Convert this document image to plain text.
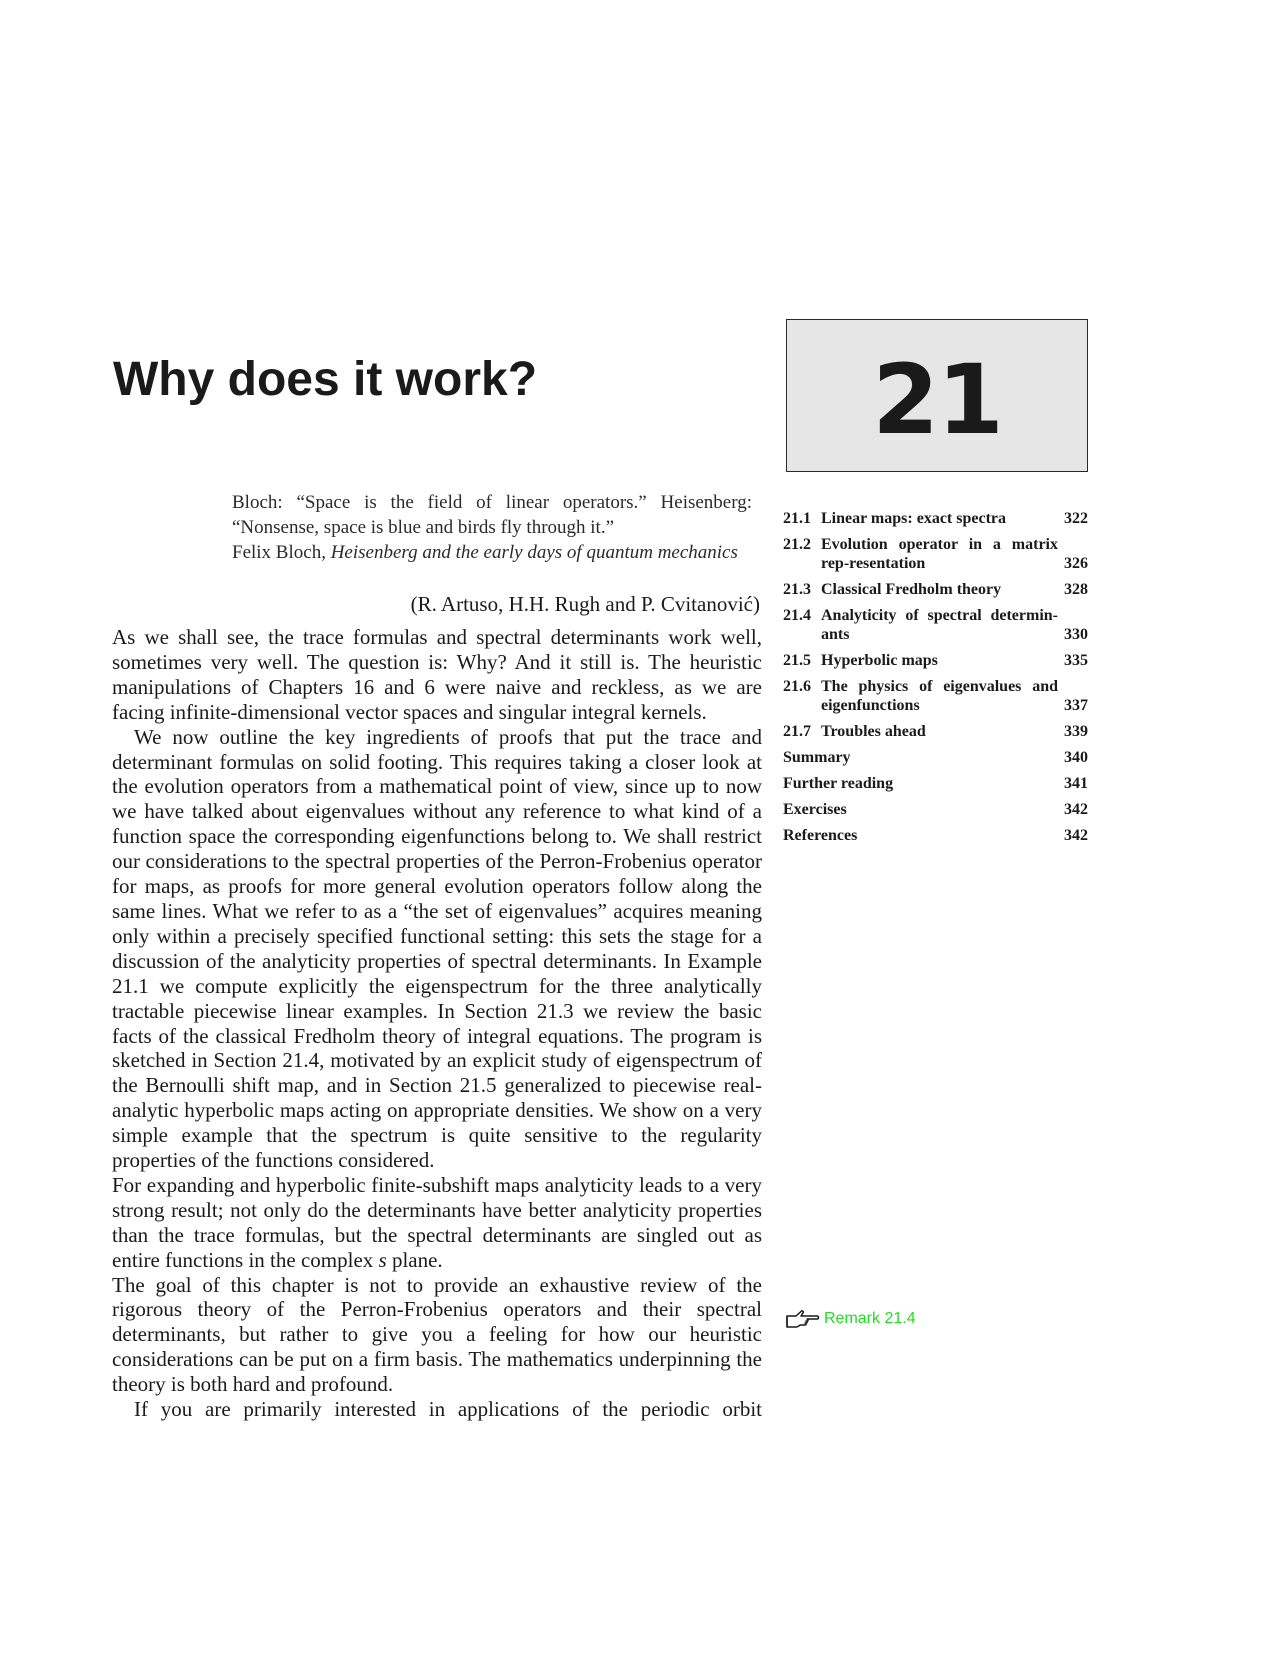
Why does it work?	21

Bloch: “Space is the field of linear operators.” Heisenberg: “Nonsense, space is blue and birds fly through it.”

Felix Bloch, Heisenberg and the early days of quantum mechanics

(R. Artuso, H.H. Rugh and P. Cvitanović)

21.1 Linear maps: exact spectra	322
21.2 Evolution operator in a matrix rep-resentation	326
21.3 Classical Fredholm theory	328
21.4 Analyticity of spectral determin-ants	330
21.5 Hyperbolic maps	335
21.6 The physics of eigenvalues and eigenfunctions	337
21.7 Troubles ahead	339
Summary	340
Further reading	341
Exercises	342
References	342

As we shall see, the trace formulas and spectral determinants work well, sometimes very well. The question is: Why? And it still is. The heuristic manipulations of Chapters 16 and 6 were naive and reckless, as we are facing infinite-dimensional vector spaces and singular integral kernels.

We now outline the key ingredients of proofs that put the trace and determinant formulas on solid footing. This requires taking a closer look at the evolution operators from a mathematical point of view, since up to now we have talked about eigenvalues without any reference to what kind of a function space the corresponding eigenfunctions belong to. We shall restrict our considerations to the spectral properties of the Perron-Frobenius operator for maps, as proofs for more general evolution operators follow along the same lines. What we refer to as a “the set of eigenvalues” acquires meaning only within a precisely specified functional setting: this sets the stage for a discussion of the analyticity properties of spectral determinants. In Example 21.1 we compute explicitly the eigenspectrum for the three analytically tractable piecewise linear examples. In Section 21.3 we review the basic facts of the classical Fredholm theory of integral equations. The program is sketched in Section 21.4, motivated by an explicit study of eigenspectrum of the Bernoulli shift map, and in Section 21.5 generalized to piecewise real-analytic hyperbolic maps acting on appropriate densities. We show on a very simple example that the spectrum is quite sensitive to the regularity properties of the functions considered.

For expanding and hyperbolic finite-subshift maps analyticity leads to a very strong result; not only do the determinants have better analyticity properties than the trace formulas, but the spectral determinants are singled out as entire functions in the complex s plane.

The goal of this chapter is not to provide an exhaustive review of the rigorous theory of the Perron-Frobenius operators and their spectral determinants, but rather to give you a feeling for how our heuristic considerations can be put on a firm basis. The mathematics underpinning the theory is both hard and profound.

If you are primarily interested in applications of the periodic orbit

Remark 21.4
